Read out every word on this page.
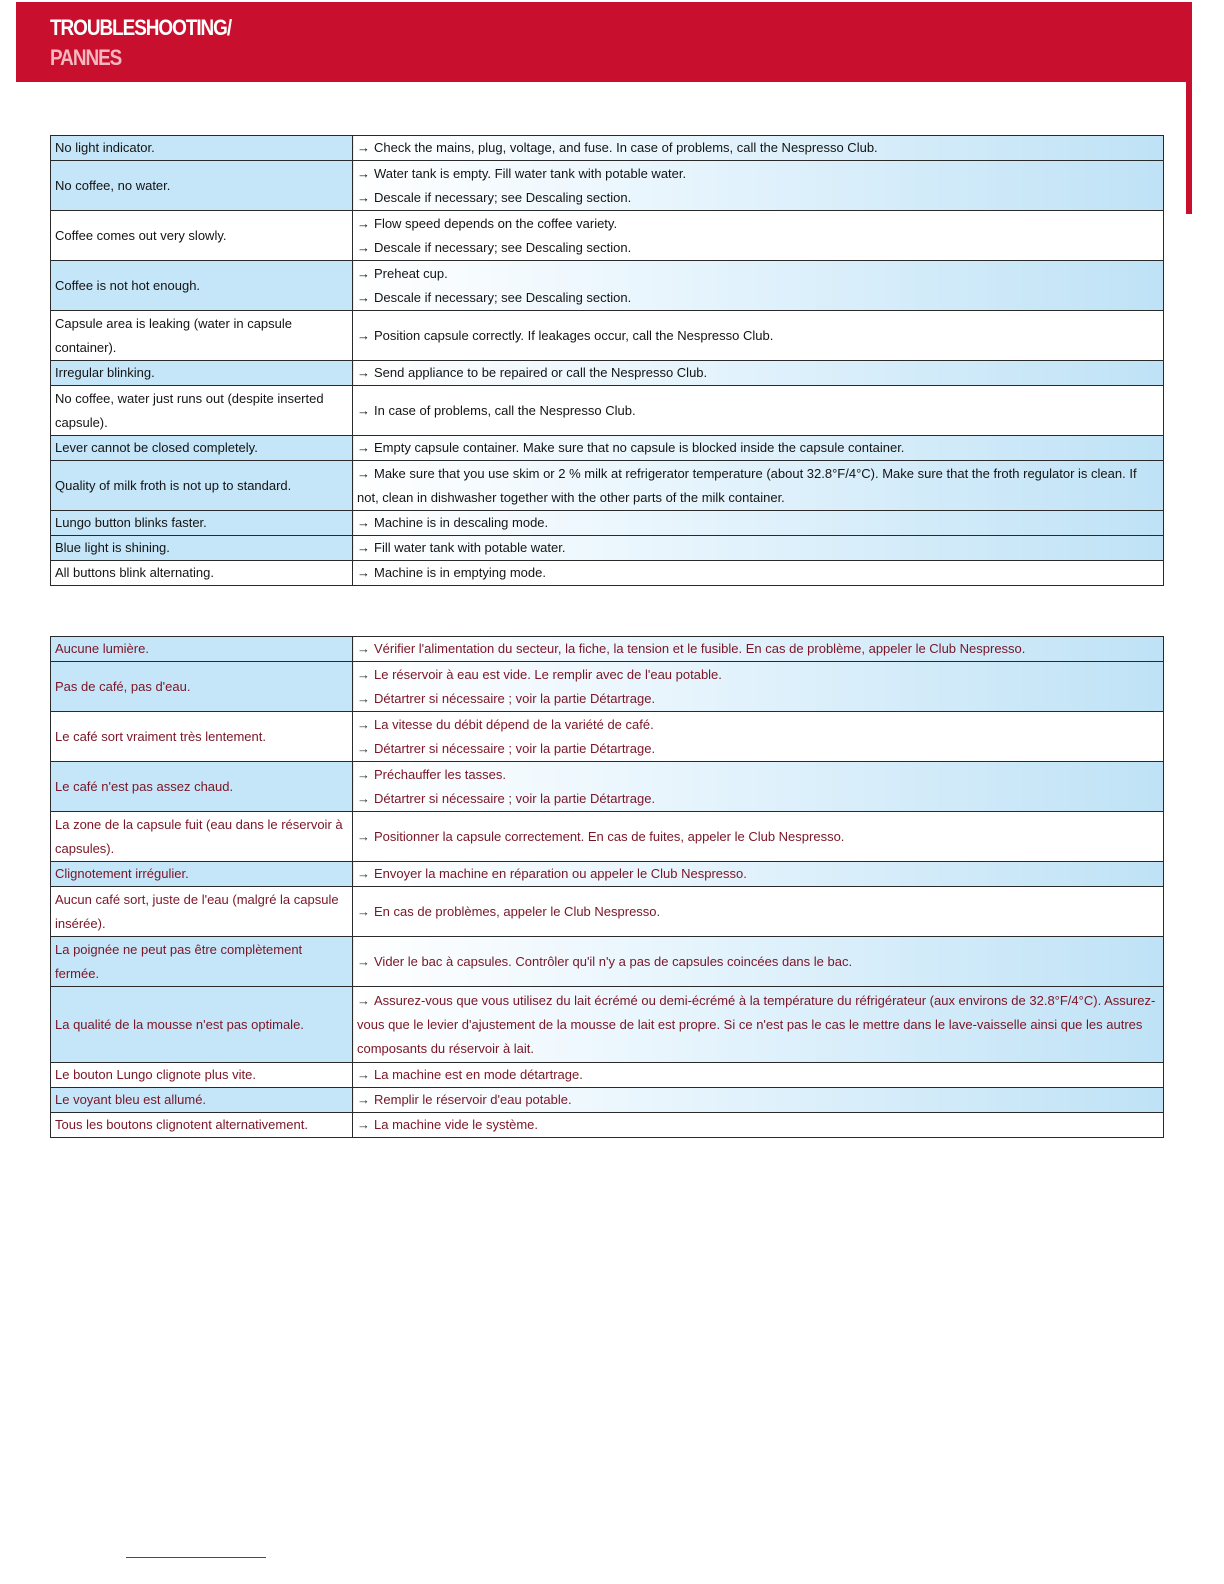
TROUBLESHOOTING/
PANNES
No light indicator.	→ Check the mains, plug, voltage, and fuse. In case of problems, call the Nespresso Club.

No coffee, no water.	→ Water tank is empty. Fill water tank with potable water.
→ Descale if necessary; see Descaling section.

Coffee comes out very slowly.	→ Flow speed depends on the coffee variety.
→ Descale if necessary; see Descaling section.

Coffee is not hot enough.	→ Preheat cup.
→ Descale if necessary; see Descaling section.

Capsule area is leaking (water in capsule container).	→ Position capsule correctly. If leakages occur, call the Nespresso Club.

Irregular blinking.	→ Send appliance to be repaired or call the Nespresso Club.

No coffee, water just runs out (despite inserted capsule).	→ In case of problems, call the Nespresso Club.

Lever cannot be closed completely.	→ Empty capsule container. Make sure that no capsule is blocked inside the capsule container.

Quality of milk froth is not up to standard.	→ Make sure that you use skim or 2 % milk at refrigerator temperature (about 32.8°F/4°C). Make sure that the froth regulator is clean. If not, clean in dishwasher together with the other parts of the milk container.

Lungo button blinks faster.	→ Machine is in descaling mode.

Blue light is shining.	→ Fill water tank with potable water.

All buttons blink alternating.	→ Machine is in emptying mode.
Aucune lumière.	→ Vérifier l'alimentation du secteur, la fiche, la tension et le fusible. En cas de problème, appeler le Club Nespresso.

Pas de café, pas d'eau.	→ Le réservoir à eau est vide. Le remplir avec de l'eau potable.
→ Détartrer si nécessaire ; voir la partie Détartrage.

Le café sort vraiment très lentement.	→ La vitesse du débit dépend de la variété de café.
→ Détartrer si nécessaire ; voir la partie Détartrage.

Le café n'est pas assez chaud.	→ Préchauffer les tasses.
→ Détartrer si nécessaire ; voir la partie Détartrage.

La zone de la capsule fuit (eau dans le réservoir à capsules).	→ Positionner la capsule correctement. En cas de fuites, appeler le Club Nespresso.

Clignotement irrégulier.	→ Envoyer la machine en réparation ou appeler le Club Nespresso.

Aucun café sort, juste de l'eau (malgré la capsule insérée).	→ En cas de problèmes, appeler le Club Nespresso.

La poignée ne peut pas être complètement fermée.	→ Vider le bac à capsules. Contrôler qu'il n'y a pas de capsules coincées dans le bac.

La qualité de la mousse n'est pas optimale.	→ Assurez-vous que vous utilisez du lait écrémé ou demi-écrémé à la température du réfrigérateur (aux environs de 32.8°F/4°C). Assurez-vous que le levier d'ajustement de la mousse de lait est propre. Si ce n'est pas le cas le mettre dans le lave-vaisselle ainsi que les autres composants du réservoir à lait.

Le bouton Lungo clignote plus vite.	→ La machine est en mode détartrage.

Le voyant bleu est allumé.	→ Remplir le réservoir d'eau potable.

Tous les boutons clignotent alternativement.	→ La machine vide le système.
